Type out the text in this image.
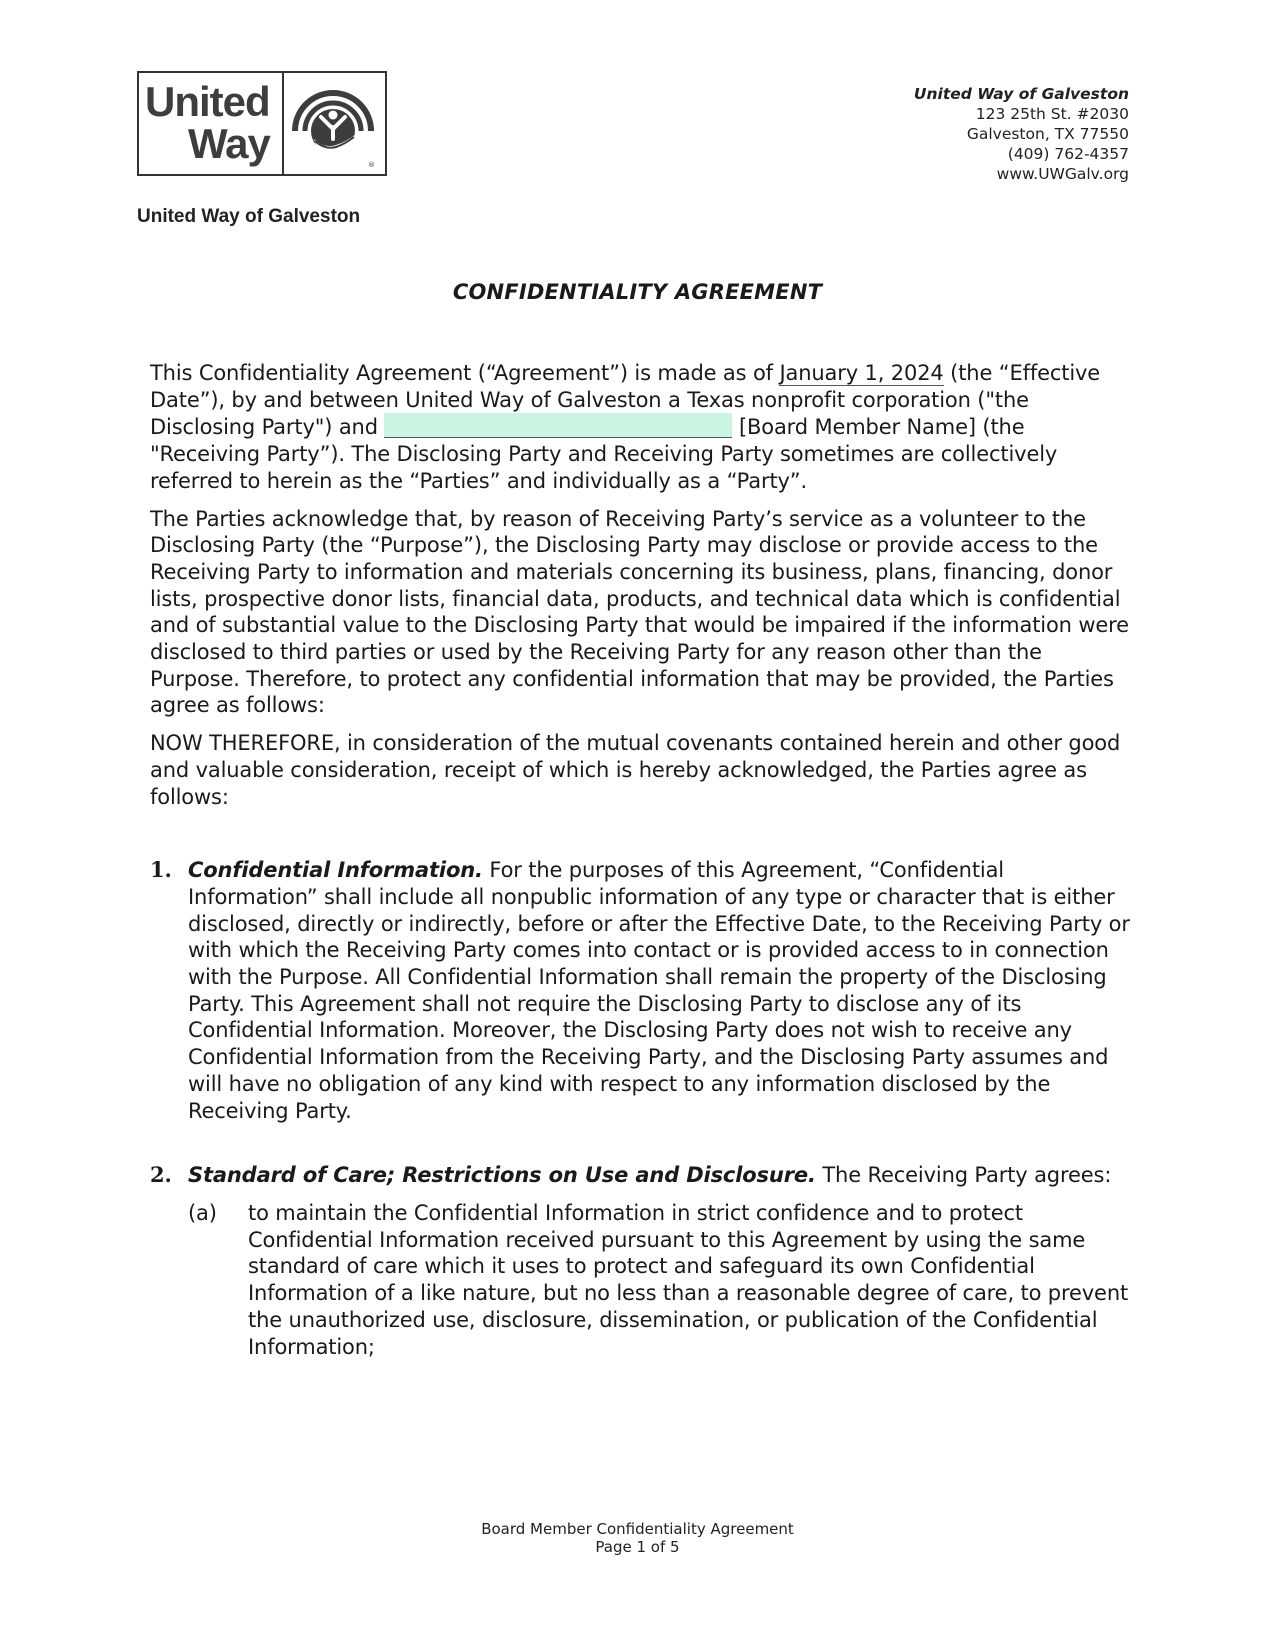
United
Way	®
United Way of Galveston
United Way of Galveston
123 25th St. #2030
Galveston, TX 77550
(409) 762-4357
www.UWGalv.org
CONFIDENTIALITY AGREEMENT

This Confidentiality Agreement (“Agreement”) is made as of January 1, 2024 (the “Effective Date”), by and between United Way of Galveston a Texas nonprofit corporation ("the Disclosing Party") and	[Board Member Name] (the "Receiving Party”). The Disclosing Party and Receiving Party sometimes are collectively referred to herein as the “Parties” and individually as a “Party”.

The Parties acknowledge that, by reason of Receiving Party’s service as a volunteer to the Disclosing Party (the “Purpose”), the Disclosing Party may disclose or provide access to the Receiving Party to information and materials concerning its business, plans, financing, donor lists, prospective donor lists, financial data, products, and technical data which is confidential and of substantial value to the Disclosing Party that would be impaired if the information were disclosed to third parties or used by the Receiving Party for any reason other than the Purpose. Therefore, to protect any confidential information that may be provided, the Parties agree as follows:

NOW THEREFORE, in consideration of the mutual covenants contained herein and other good and valuable consideration, receipt of which is hereby acknowledged, the Parties agree as follows:

1. Confidential Information. For the purposes of this Agreement, “Confidential Information” shall include all nonpublic information of any type or character that is either disclosed, directly or indirectly, before or after the Effective Date, to the Receiving Party or with which the Receiving Party comes into contact or is provided access to in connection with the Purpose. All Confidential Information shall remain the property of the Disclosing Party. This Agreement shall not require the Disclosing Party to disclose any of its Confidential Information. Moreover, the Disclosing Party does not wish to receive any Confidential Information from the Receiving Party, and the Disclosing Party assumes and will have no obligation of any kind with respect to any information disclosed by the Receiving Party.
2. Standard of Care; Restrictions on Use and Disclosure. The Receiving Party agrees:
(a) to maintain the Confidential Information in strict confidence and to protect Confidential Information received pursuant to this Agreement by using the same standard of care which it uses to protect and safeguard its own Confidential Information of a like nature, but no less than a reasonable degree of care, to prevent the unauthorized use, disclosure, dissemination, or publication of the Confidential Information;
Board Member Confidentiality Agreement
Page 1 of 5
